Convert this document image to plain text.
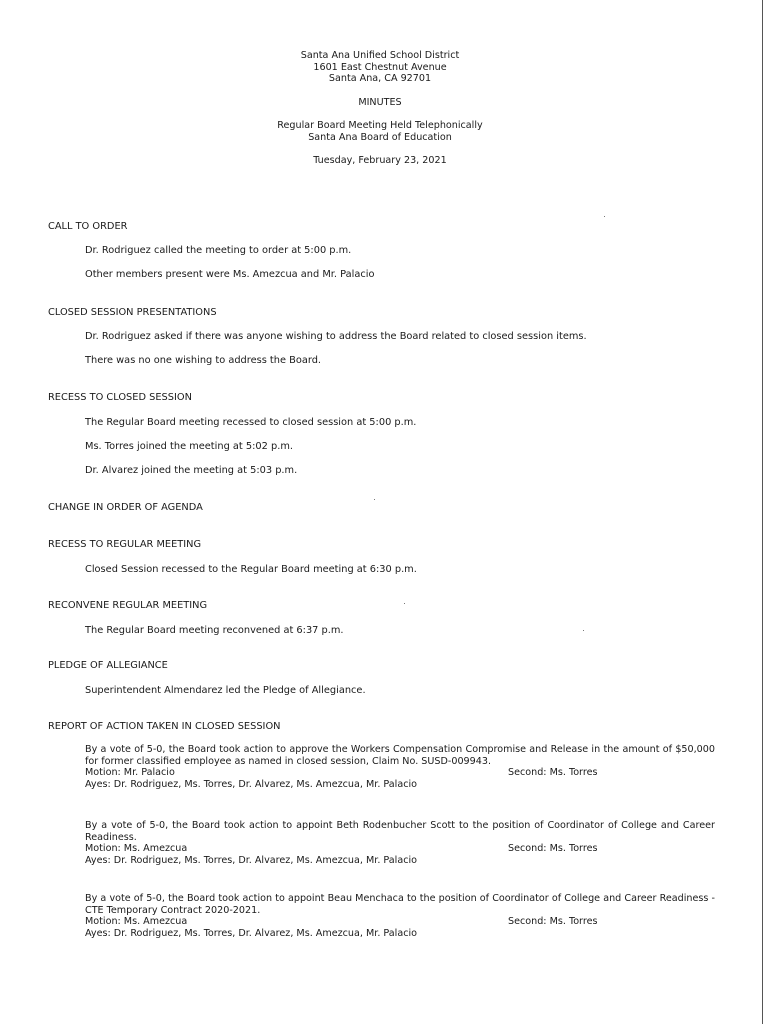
Santa Ana Unified School District
1601 East Chestnut Avenue
Santa Ana, CA 92701
MINUTES
Regular Board Meeting Held Telephonically
Santa Ana Board of Education
Tuesday, February 23, 2021
CALL TO ORDER
Dr. Rodriguez called the meeting to order at 5:00 p.m.
Other members present were Ms. Amezcua and Mr. Palacio
CLOSED SESSION PRESENTATIONS
Dr. Rodriguez asked if there was anyone wishing to address the Board related to closed session items.
There was no one wishing to address the Board.
RECESS TO CLOSED SESSION
The Regular Board meeting recessed to closed session at 5:00 p.m.
Ms. Torres joined the meeting at 5:02 p.m.
Dr. Alvarez joined the meeting at 5:03 p.m.
CHANGE IN ORDER OF AGENDA
RECESS TO REGULAR MEETING
Closed Session recessed to the Regular Board meeting at 6:30 p.m.
RECONVENE REGULAR MEETING
The Regular Board meeting reconvened at 6:37 p.m.
PLEDGE OF ALLEGIANCE
Superintendent Almendarez led the Pledge of Allegiance.
REPORT OF ACTION TAKEN IN CLOSED SESSION
By a vote of 5-0, the Board took action to approve the Workers Compensation Compromise and Release in the amount of $50,000 for former classified employee as named in closed session, Claim No. SUSD-009943.
Motion: Mr. Palacio	Second: Ms. Torres
Ayes: Dr. Rodriguez, Ms. Torres, Dr. Alvarez, Ms. Amezcua, Mr. Palacio
By a vote of 5-0, the Board took action to appoint Beth Rodenbucher Scott to the position of Coordinator of College and Career Readiness.
Motion: Ms. Amezcua	Second: Ms. Torres
Ayes: Dr. Rodriguez, Ms. Torres, Dr. Alvarez, Ms. Amezcua, Mr. Palacio
By a vote of 5-0, the Board took action to appoint Beau Menchaca to the position of Coordinator of College and Career Readiness - CTE Temporary Contract 2020-2021.
Motion: Ms. Amezcua	Second: Ms. Torres
Ayes: Dr. Rodriguez, Ms. Torres, Dr. Alvarez, Ms. Amezcua, Mr. Palacio
